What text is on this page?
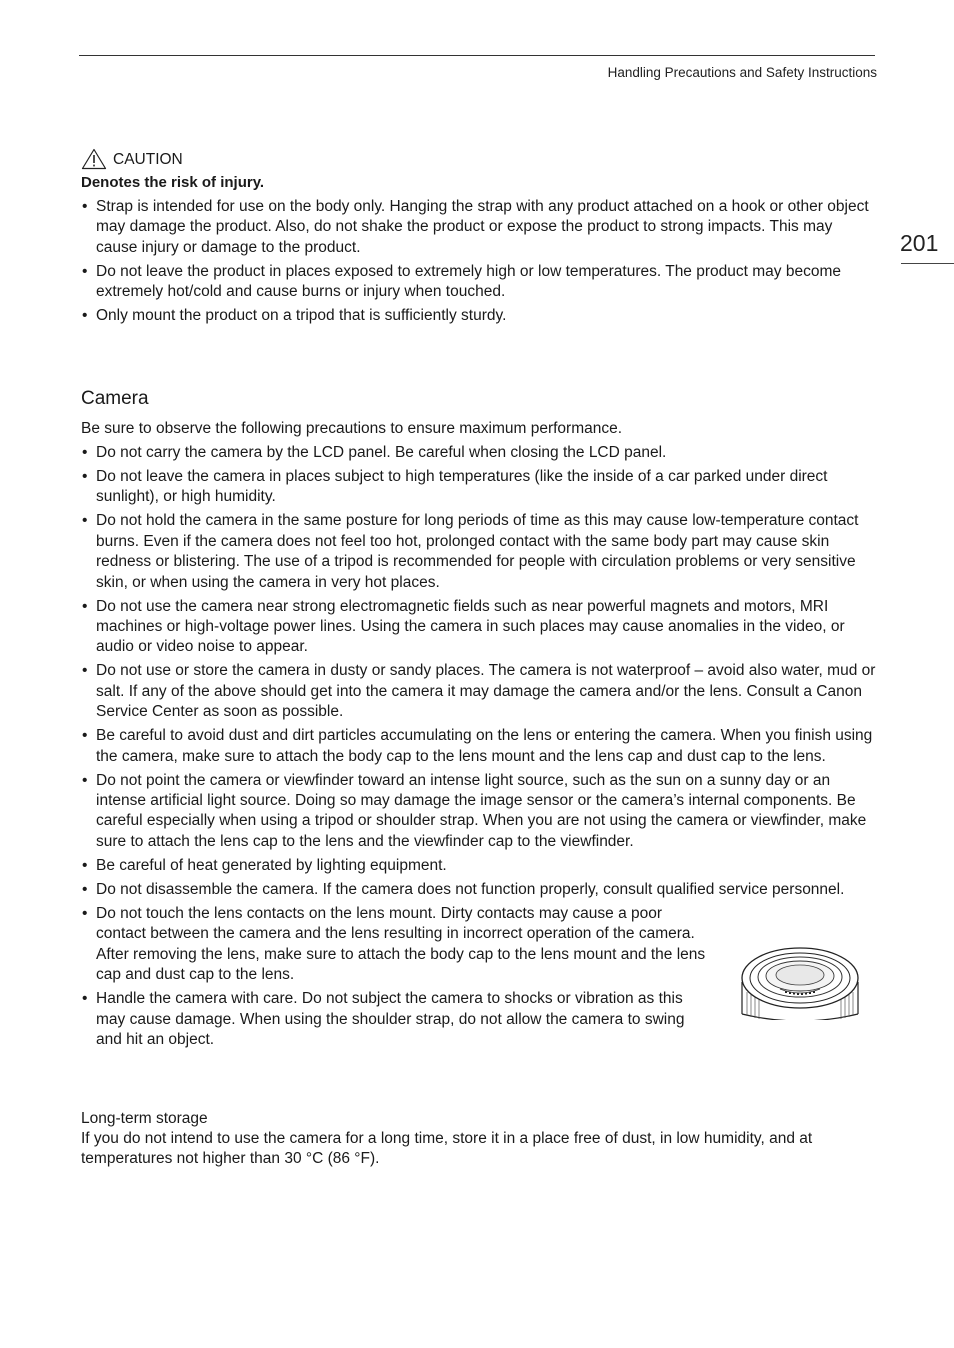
Handling Precautions and Safety Instructions
201
CAUTION
Denotes the risk of injury.
• Strap is intended for use on the body only. Hanging the strap with any product attached on a hook or other object may damage the product. Also, do not shake the product or expose the product to strong impacts. This may cause injury or damage to the product.
• Do not leave the product in places exposed to extremely high or low temperatures. The product may become extremely hot/cold and cause burns or injury when touched.
• Only mount the product on a tripod that is sufficiently sturdy.
Camera
Be sure to observe the following precautions to ensure maximum performance.
• Do not carry the camera by the LCD panel. Be careful when closing the LCD panel.
• Do not leave the camera in places subject to high temperatures (like the inside of a car parked under direct sunlight), or high humidity.
• Do not hold the camera in the same posture for long periods of time as this may cause low-temperature contact burns. Even if the camera does not feel too hot, prolonged contact with the same body part may cause skin redness or blistering. The use of a tripod is recommended for people with circulation problems or very sensitive skin, or when using the camera in very hot places.
• Do not use the camera near strong electromagnetic fields such as near powerful magnets and motors, MRI machines or high-voltage power lines. Using the camera in such places may cause anomalies in the video, or audio or video noise to appear.
• Do not use or store the camera in dusty or sandy places. The camera is not waterproof – avoid also water, mud or salt. If any of the above should get into the camera it may damage the camera and/or the lens. Consult a Canon Service Center as soon as possible.
• Be careful to avoid dust and dirt particles accumulating on the lens or entering the camera. When you finish using the camera, make sure to attach the body cap to the lens mount and the lens cap and dust cap to the lens.
• Do not point the camera or viewfinder toward an intense light source, such as the sun on a sunny day or an intense artificial light source. Doing so may damage the image sensor or the camera’s internal components. Be careful especially when using a tripod or shoulder strap. When you are not using the camera or viewfinder, make sure to attach the lens cap to the lens and the viewfinder cap to the viewfinder.
• Be careful of heat generated by lighting equipment.
• Do not disassemble the camera. If the camera does not function properly, consult qualified service personnel.
• Do not touch the lens contacts on the lens mount. Dirty contacts may cause a poor contact between the camera and the lens resulting in incorrect operation of the camera. After removing the lens, make sure to attach the body cap to the lens mount and the lens cap and dust cap to the lens.
• Handle the camera with care. Do not subject the camera to shocks or vibration as this may cause damage. When using the shoulder strap, do not allow the camera to swing and hit an object.
Long-term storage
If you do not intend to use the camera for a long time, store it in a place free of dust, in low humidity, and at temperatures not higher than 30 °C (86 °F).
